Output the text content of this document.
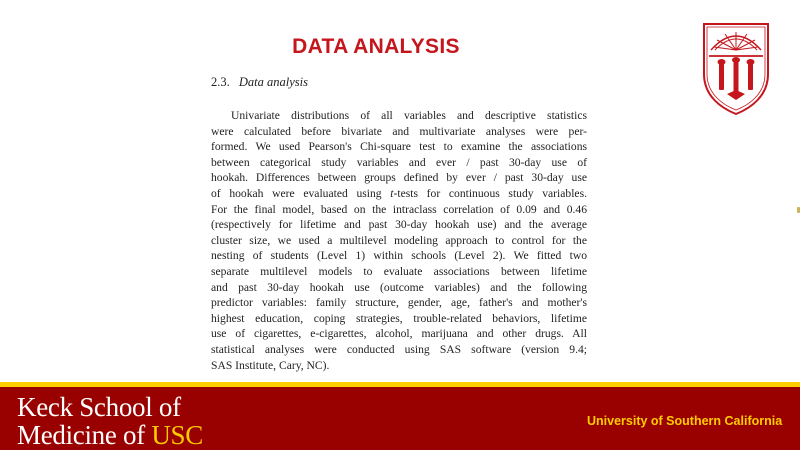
DATA ANALYSIS
2.3. Data analysis
Univariate distributions of all variables and descriptive statistics
were calculated before bivariate and multivariate analyses were per-
formed. We used Pearson's Chi-square test to examine the associations
between categorical study variables and ever / past 30-day use of
hookah. Differences between groups defined by ever / past 30-day use
of hookah were evaluated using t-tests for continuous study variables.
For the final model, based on the intraclass correlation of 0.09 and 0.46
(respectively for lifetime and past 30-day hookah use) and the average
cluster size, we used a multilevel modeling approach to control for the
nesting of students (Level 1) within schools (Level 2). We fitted two
separate multilevel models to evaluate associations between lifetime
and past 30-day hookah use (outcome variables) and the following
predictor variables: family structure, gender, age, father's and mother's
highest education, coping strategies, trouble-related behaviors, lifetime
use of cigarettes, e-cigarettes, alcohol, marijuana and other drugs. All
statistical analyses were conducted using SAS software (version 9.4;
SAS Institute, Cary, NC).
Keck School of
Medicine of USC	University of Southern California
